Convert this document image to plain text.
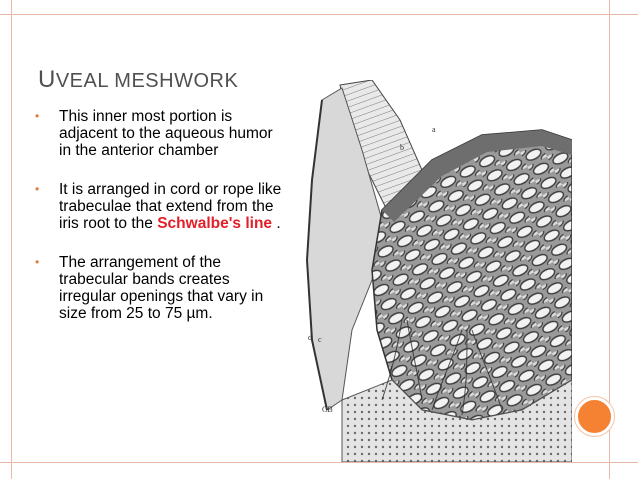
UVEAL MESHWORK
• This inner most portion is adjacent to the aqueous humor in the anterior chamber
• It is arranged in cord or rope like trabeculae that extend from the iris root to the Schwalbe's line .
• The arrangement of the trabecular bands creates irregular openings that vary in size from 25 to 75 µm.
a
b
c
d
CB
